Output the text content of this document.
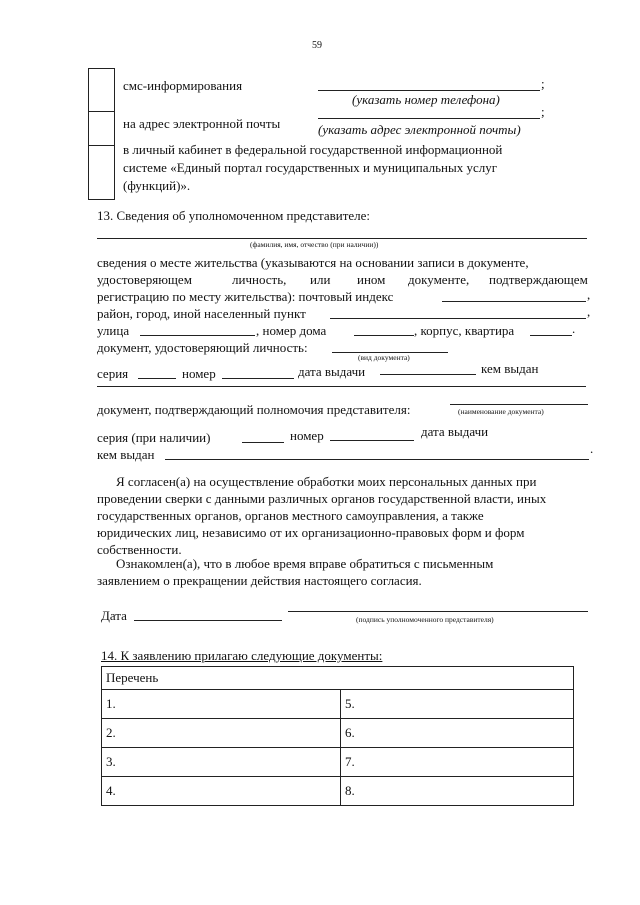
59
смс-информирования	;
(указать номер телефона)
на адрес электронной почты
;
(указать адрес электронной почты)
в личный кабинет в федеральной государственной информационной
системе «Единый портал государственных и муниципальных услуг
(функций)».
13. Сведения об уполномоченном представителе:
(фамилия, имя, отчество (при наличии))
сведения о месте жительства (указываются на основании записи в документе,
удостоверяющем	личность, или ином документе, подтверждающем
регистрацию по месту жительства): почтовый индекс	,
район, город, иной населенный пункт	,
улица	, номер дома	, корпус, квартира	.
документ, удостоверяющий личность:
(вид документа)
серия	номер	дата выдачи	кем выдан
документ, подтверждающий полномочия представителя:	(наименование документа)
серия (при наличии)	номер	дата выдачи
кем выдан	.
Я согласен(а) на осуществление обработки моих персональных данных при
проведении сверки с данными различных органов государственной власти, иных
государственных органов, органов местного самоуправления, а также
юридических лиц, независимо от их организационно-правовых форм и форм
собственности.
Ознакомлен(а), что в любое время вправе обратиться с письменным
заявлением о прекращении действия настоящего согласия.
Дата	(подпись уполномоченного представителя)
14. К заявлению прилагаю следующие документы:
Перечень	
1.	5.
2.	6.
3.	7.
4.	8.
